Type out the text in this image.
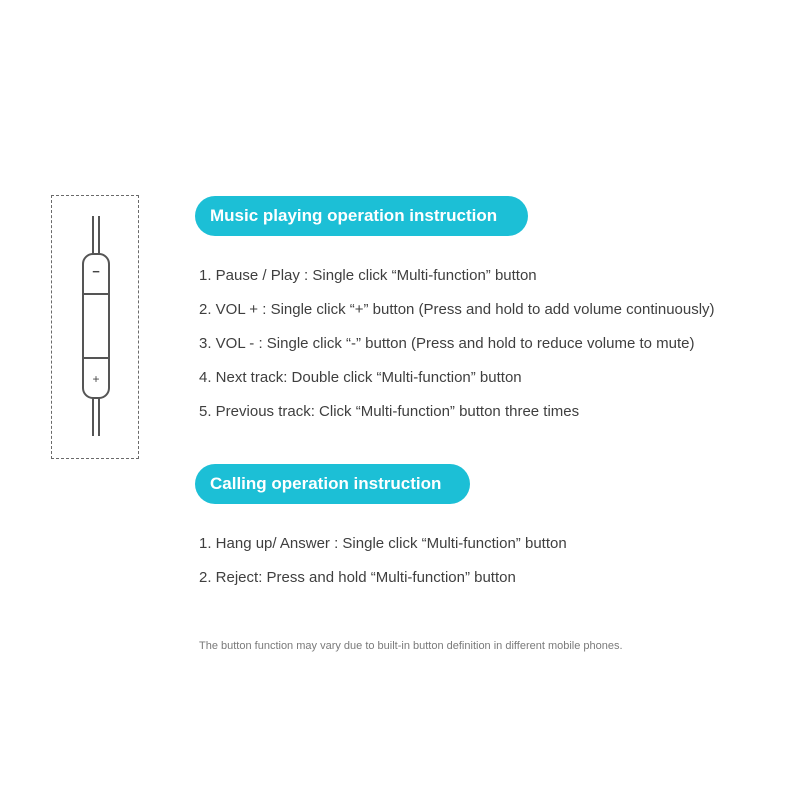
−
+
Music playing operation instruction
1. Pause / Play : Single click “Multi-function” button
2. VOL + : Single click “+” button (Press and hold to add volume continuously)
3. VOL - : Single click “-” button (Press and hold to reduce volume to mute)
4. Next track: Double click “Multi-function” button
5. Previous track: Click “Multi-function” button three times
Calling operation instruction
1. Hang up/ Answer : Single click “Multi-function” button
2. Reject: Press and hold “Multi-function” button
The button function may vary due to built-in button definition in different mobile phones.
